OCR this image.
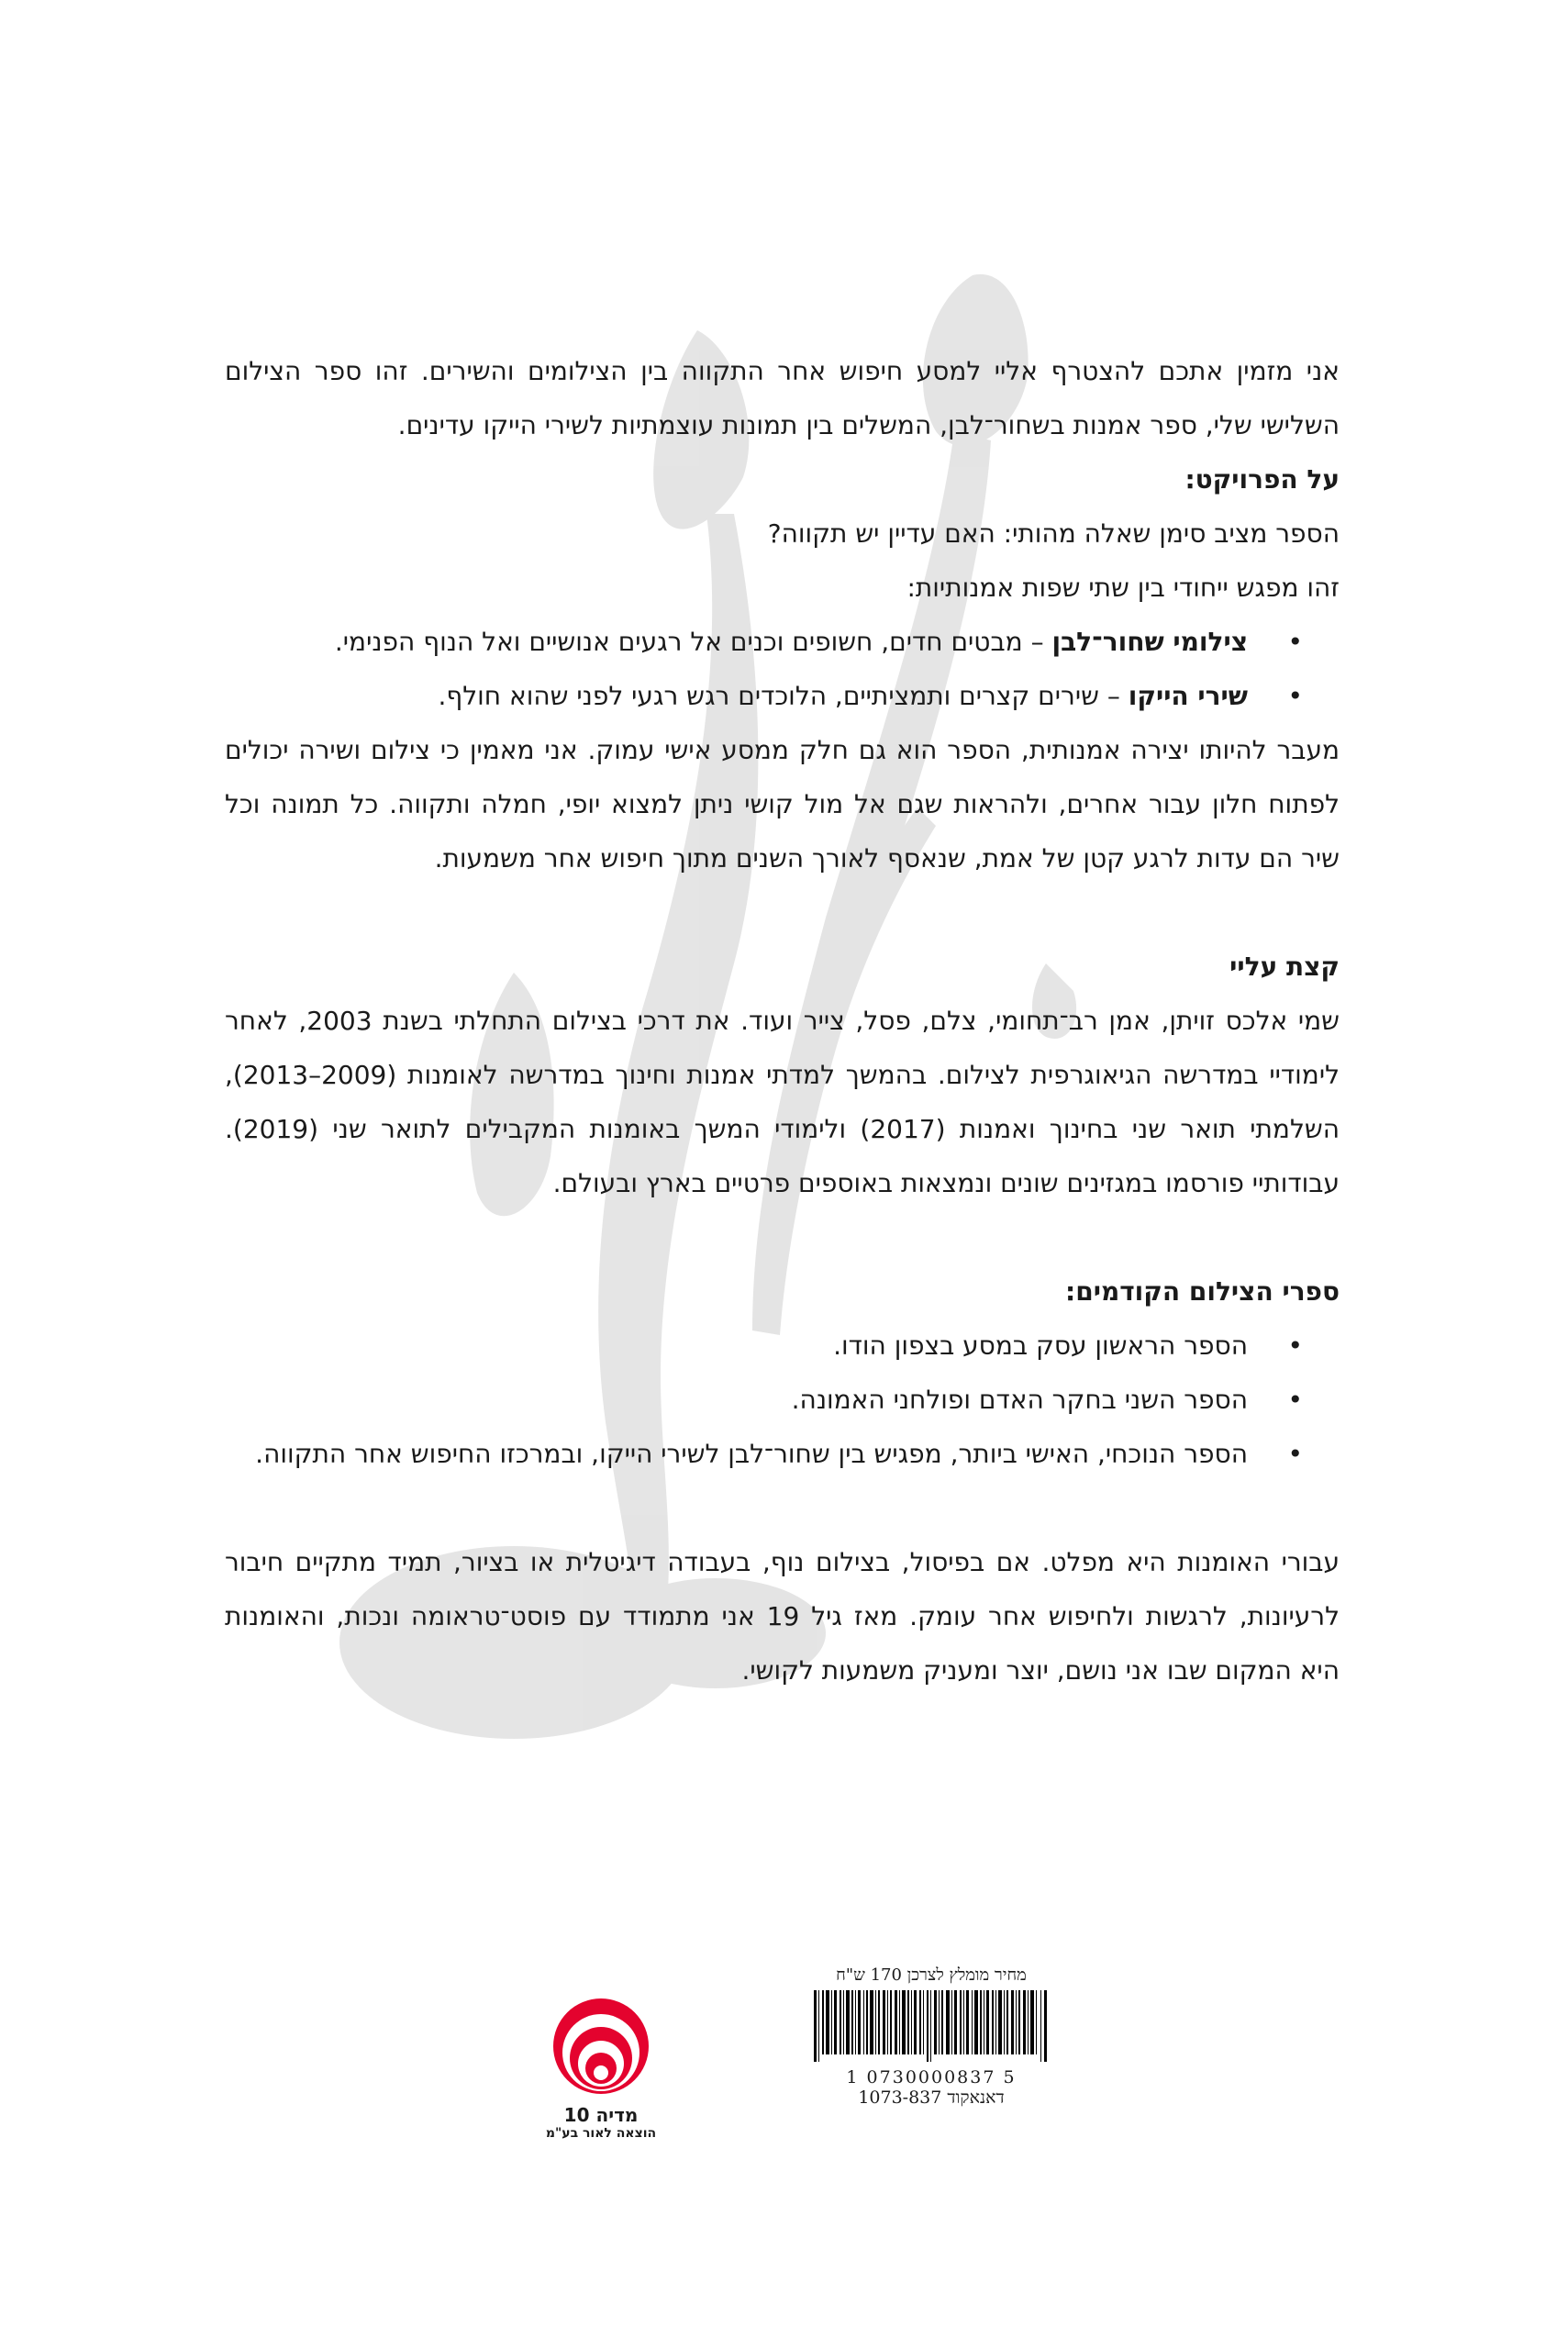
אני מזמין אתכם להצטרף אליי למסע חיפוש אחר התקווה בין הצילומים והשירים. זהו ספר הצילום השלישי שלי, ספר אמנות בשחור־לבן, המשלים בין תמונות עוצמתיות לשירי הייקו עדינים.

על הפרויקט:

הספר מציב סימן שאלה מהותי: האם עדיין יש תקווה?

זהו מפגש ייחודי בין שתי שפות אמנותיות:

• צילומי שחור־לבן – מבטים חדים, חשופים וכנים אל רגעים אנושיים ואל הנוף הפנימי.
• שירי הייקו – שירים קצרים ותמציתיים, הלוכדים רגש רגעי לפני שהוא חולף.

מעבר להיותו יצירה אמנותית, הספר הוא גם חלק ממסע אישי עמוק. אני מאמין כי צילום ושירה יכולים לפתוח חלון עבור אחרים, ולהראות שגם אל מול קושי ניתן למצוא יופי, חמלה ותקווה. כל תמונה וכל שיר הם עדות לרגע קטן של אמת, שנאסף לאורך השנים מתוך חיפוש אחר משמעות.

קצת עליי

שמי אלכס זויתן, אמן רב־תחומי, צלם, פסל, צייר ועוד. את דרכי בצילום התחלתי בשנת 2003, לאחר לימודיי במדרשה הגיאוגרפית לצילום. בהמשך למדתי אמנות וחינוך במדרשה לאומנות (2009–2013), השלמתי תואר שני בחינוך ואמנות (2017) ולימודי המשך באומנות המקבילים לתואר שני (2019). עבודותיי פורסמו במגזינים שונים ונמצאות באוספים פרטיים בארץ ובעולם.

ספרי הצילום הקודמים:
• הספר הראשון עסק במסע בצפון הודו.
• הספר השני בחקר האדם ופולחני האמונה.
• הספר הנוכחי, האישי ביותר, מפגיש בין שחור־לבן לשירי הייקו, ובמרכזו החיפוש אחר התקווה.

עבורי האומנות היא מפלט. אם בפיסול, בצילום נוף, בעבודה דיגיטלית או בציור, תמיד מתקיים חיבור לרעיונות, לרגשות ולחיפוש אחר עומק. מאז גיל 19 אני מתמודד עם פוסט־טראומה ונכות, והאומנות היא המקום שבו אני נושם, יוצר ומעניק משמעות לקושי.

מדיה 10
הוצאה לאור בע"מ
מחיר מומלץ לצרכן 170 ש"ח
1 0730000837 5
דאנאקוד 1073-837
